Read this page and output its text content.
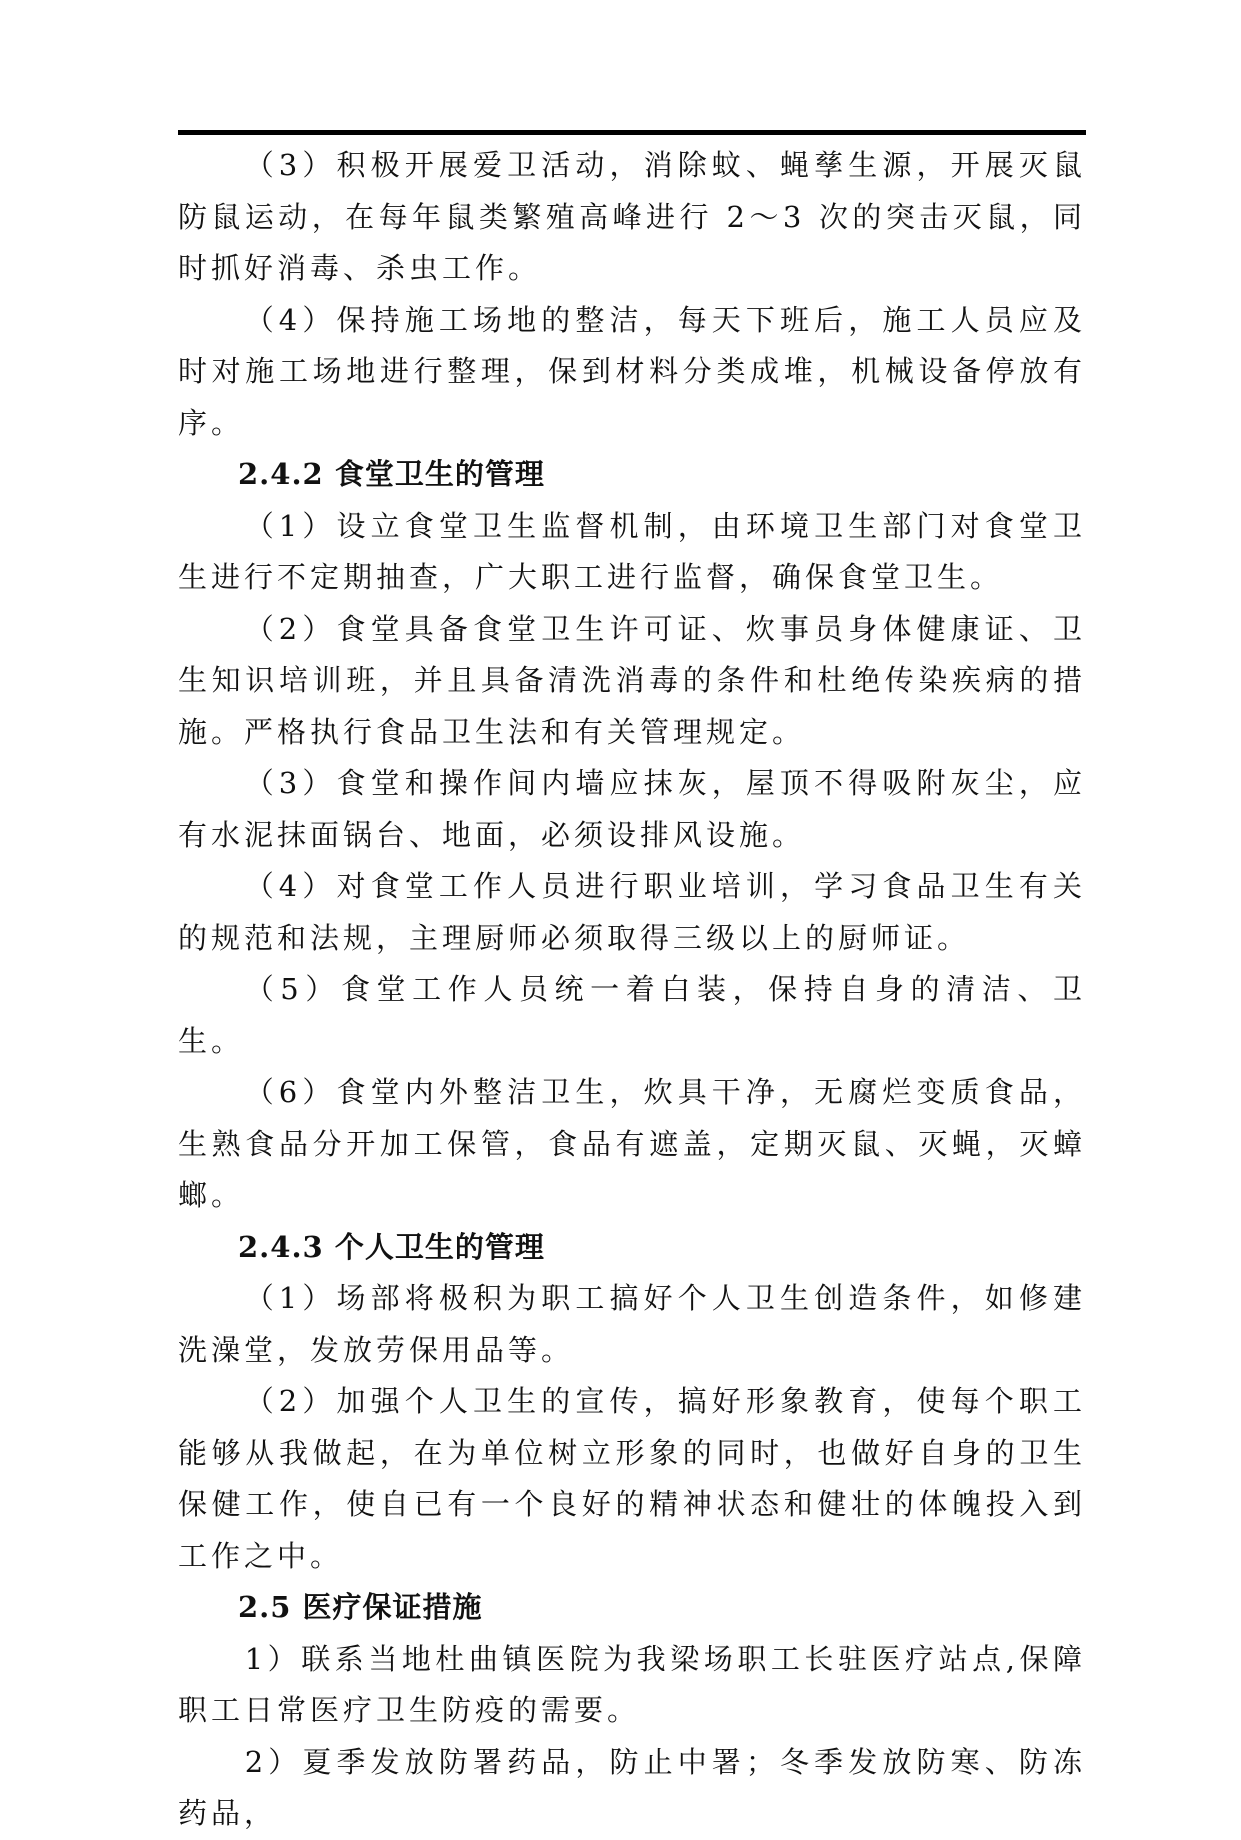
（3）积极开展爱卫活动，消除蚊、蝇孳生源，开展灭鼠防鼠运动，在每年鼠类繁殖高峰进行 2～3 次的突击灭鼠，同时抓好消毒、杀虫工作。

（4）保持施工场地的整洁，每天下班后，施工人员应及时对施工场地进行整理，保到材料分类成堆，机械设备停放有序。

2.4.2 食堂卫生的管理

（1）设立食堂卫生监督机制，由环境卫生部门对食堂卫生进行不定期抽查，广大职工进行监督，确保食堂卫生。

（2）食堂具备食堂卫生许可证、炊事员身体健康证、卫生知识培训班，并且具备清洗消毒的条件和杜绝传染疾病的措施。严格执行食品卫生法和有关管理规定。

（3）食堂和操作间内墙应抹灰，屋顶不得吸附灰尘，应有水泥抹面锅台、地面，必须设排风设施。

（4）对食堂工作人员进行职业培训，学习食品卫生有关的规范和法规，主理厨师必须取得三级以上的厨师证。

（5）食堂工作人员统一着白装，保持自身的清洁、卫生。

（6）食堂内外整洁卫生，炊具干净，无腐烂变质食品，生熟食品分开加工保管，食品有遮盖，定期灭鼠、灭蝇，灭蟑螂。

2.4.3 个人卫生的管理

（1）场部将极积为职工搞好个人卫生创造条件，如修建洗澡堂，发放劳保用品等。

（2）加强个人卫生的宣传，搞好形象教育，使每个职工能够从我做起，在为单位树立形象的同时，也做好自身的卫生保健工作，使自已有一个良好的精神状态和健壮的体魄投入到工作之中。

2.5 医疗保证措施

1）联系当地杜曲镇医院为我梁场职工长驻医疗站点,保障职工日常医疗卫生防疫的需要。

2）夏季发放防署药品，防止中署；冬季发放防寒、防冻药品，
